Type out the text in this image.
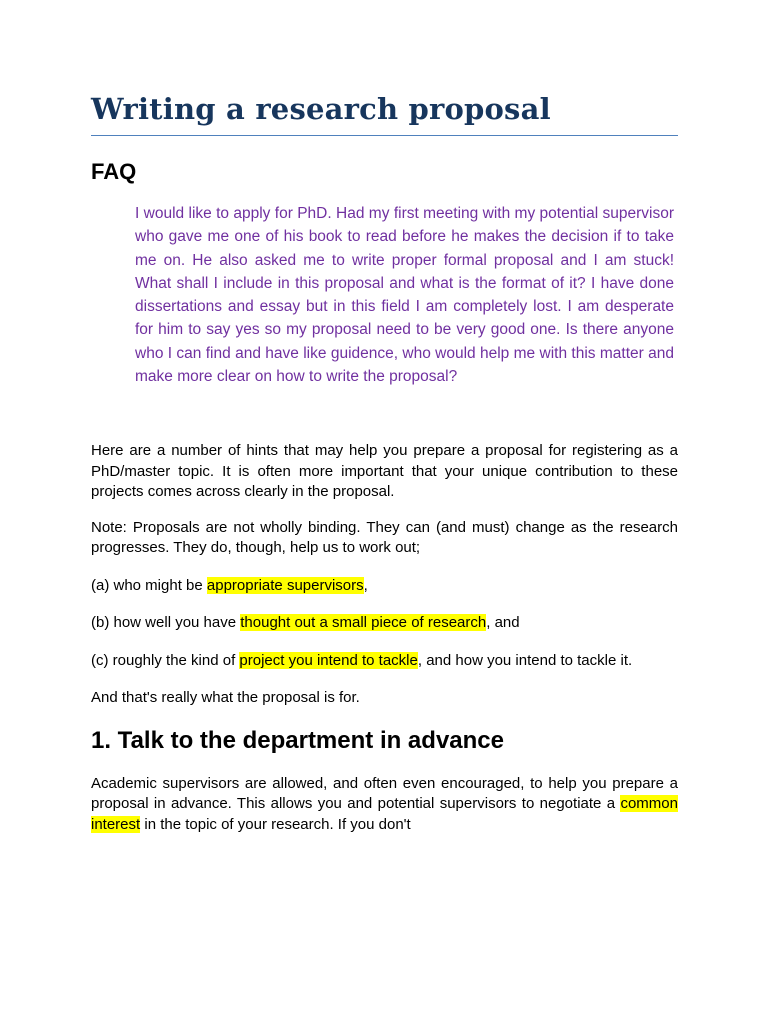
Writing a research proposal
FAQ

I would like to apply for PhD. Had my first meeting with my potential supervisor who gave me one of his book to read before he makes the decision if to take me on. He also asked me to write proper formal proposal and I am stuck! What shall I include in this proposal and what is the format of it? I have done dissertations and essay but in this field I am completely lost. I am desperate for him to say yes so my proposal need to be very good one. Is there anyone who I can find and have like guidence, who would help me with this matter and make more clear on how to write the proposal?

Here are a number of hints that may help you prepare a proposal for registering as a PhD/master topic. It is often more important that your unique contribution to these projects comes across clearly in the proposal.

Note: Proposals are not wholly binding. They can (and must) change as the research progresses. They do, though, help us to work out;

(a) who might be appropriate supervisors,

(b) how well you have thought out a small piece of research, and

(c) roughly the kind of project you intend to tackle, and how you intend to tackle it.

And that's really what the proposal is for.

1. Talk to the department in advance

Academic supervisors are allowed, and often even encouraged, to help you prepare a proposal in advance. This allows you and potential supervisors to negotiate a common interest in the topic of your research. If you don't
